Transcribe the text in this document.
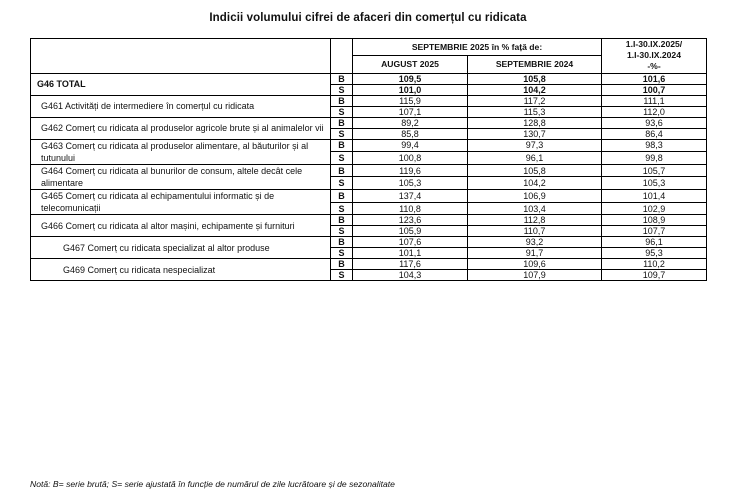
Indicii volumului cifrei de afaceri din comerțul cu ridicata
		SEPTEMBRIE 2025 în % față de:		1.I-30.IX.2025/
1.I-30.IX.2024
-%-

		AUGUST 2025	SEPTEMBRIE 2024	
G46 TOTAL	B	109,5	105,8	101,6
	S	101,0	104,2	100,7
G461 Activități de intermediere în comerțul cu ridicata	B	115,9	117,2	111,1
	S	107,1	115,3	112,0
G462 Comerț cu ridicata al produselor agricole brute și al animalelor vii	B	89,2	128,8	93,6
	S	85,8	130,7	86,4
G463 Comerț cu ridicata al produselor alimentare, al băuturilor și al tutunului	B	99,4	97,3	98,3
	S	100,8	96,1	99,8
G464 Comerț cu ridicata al bunurilor de consum, altele decât cele alimentare	B	119,6	105,8	105,7
	S	105,3	104,2	105,3
G465 Comerț cu ridicata al echipamentului informatic și de telecomunicații	B	137,4	106,9	101,4
	S	110,8	103,4	102,9
G466 Comerț cu ridicata al altor mașini, echipamente și furnituri	B	123,6	112,8	108,9
	S	105,9	110,7	107,7
G467 Comerț cu ridicata specializat al altor produse	B	107,6	93,2	96,1
	S	101,1	91,7	95,3
G469 Comerț cu ridicata nespecializat	B	117,6	109,6	110,2
	S	104,3	107,9	109,7
Notă: B= serie brută; S= serie ajustată în funcție de numărul de zile lucrătoare și de sezonalitate
